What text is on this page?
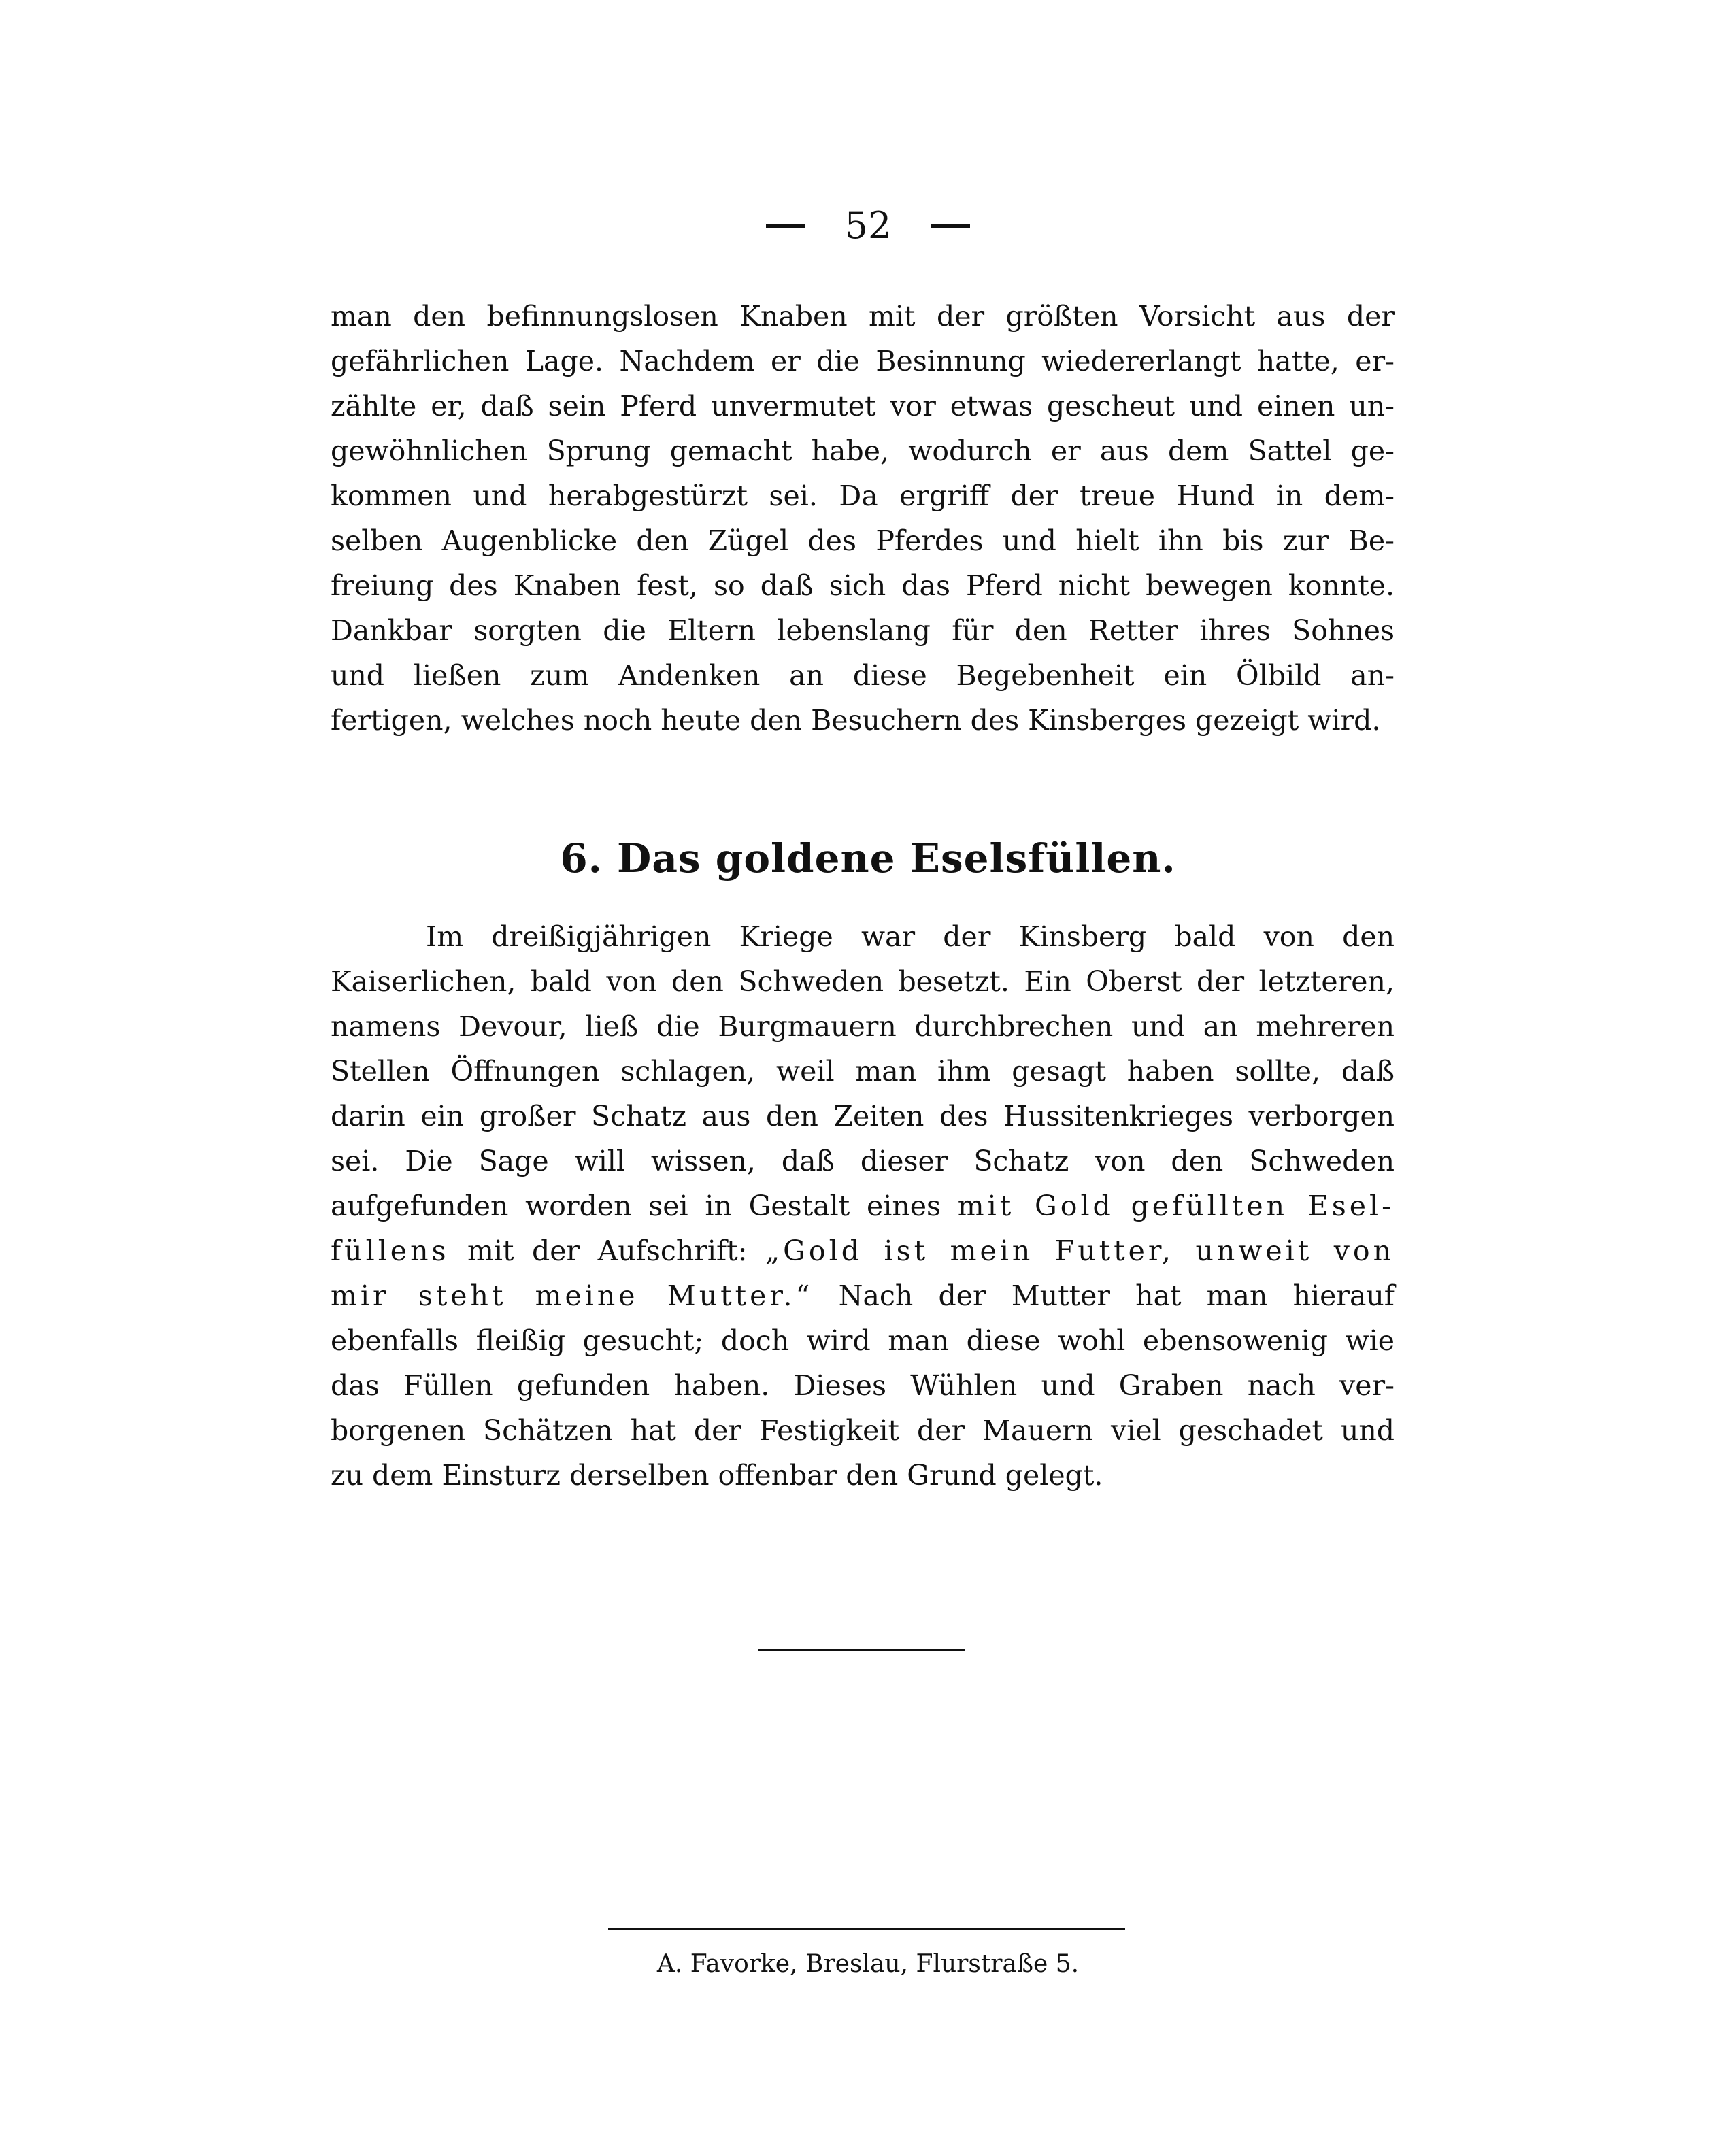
52
man den befinnungslosen Knaben mit der größten Vorsicht aus der
gefährlichen Lage. Nachdem er die Besinnung wiedererlangt hatte, er-
zählte er, daß sein Pferd unvermutet vor etwas gescheut und einen un-
gewöhnlichen Sprung gemacht habe, wodurch er aus dem Sattel ge-
kommen und herabgestürzt sei. Da ergriff der treue Hund in dem-
selben Augenblicke den Zügel des Pferdes und hielt ihn bis zur Be-
freiung des Knaben fest, so daß sich das Pferd nicht bewegen konnte.
Dankbar sorgten die Eltern lebenslang für den Retter ihres Sohnes
und ließen zum Andenken an diese Begebenheit ein Ölbild an-
fertigen, welches noch heute den Besuchern des Kinsberges gezeigt wird.
6. Das goldene Eselsfüllen.
Im dreißigjährigen Kriege war der Kinsberg bald von den
Kaiserlichen, bald von den Schweden besetzt. Ein Oberst der letzteren,
namens Devour, ließ die Burgmauern durchbrechen und an mehreren
Stellen Öffnungen schlagen, weil man ihm gesagt haben sollte, daß
darin ein großer Schatz aus den Zeiten des Hussitenkrieges verborgen
sei. Die Sage will wissen, daß dieser Schatz von den Schweden
aufgefunden worden sei in Gestalt eines mit Gold gefüllten Esel-
füllens mit der Aufschrift: „Gold ist mein Futter, unweit von
mir steht meine Mutter.“ Nach der Mutter hat man hierauf
ebenfalls fleißig gesucht; doch wird man diese wohl ebensowenig wie
das Füllen gefunden haben. Dieses Wühlen und Graben nach ver-
borgenen Schätzen hat der Festigkeit der Mauern viel geschadet und
zu dem Einsturz derselben offenbar den Grund gelegt.
A. Favorke, Breslau, Flurstraße 5.
